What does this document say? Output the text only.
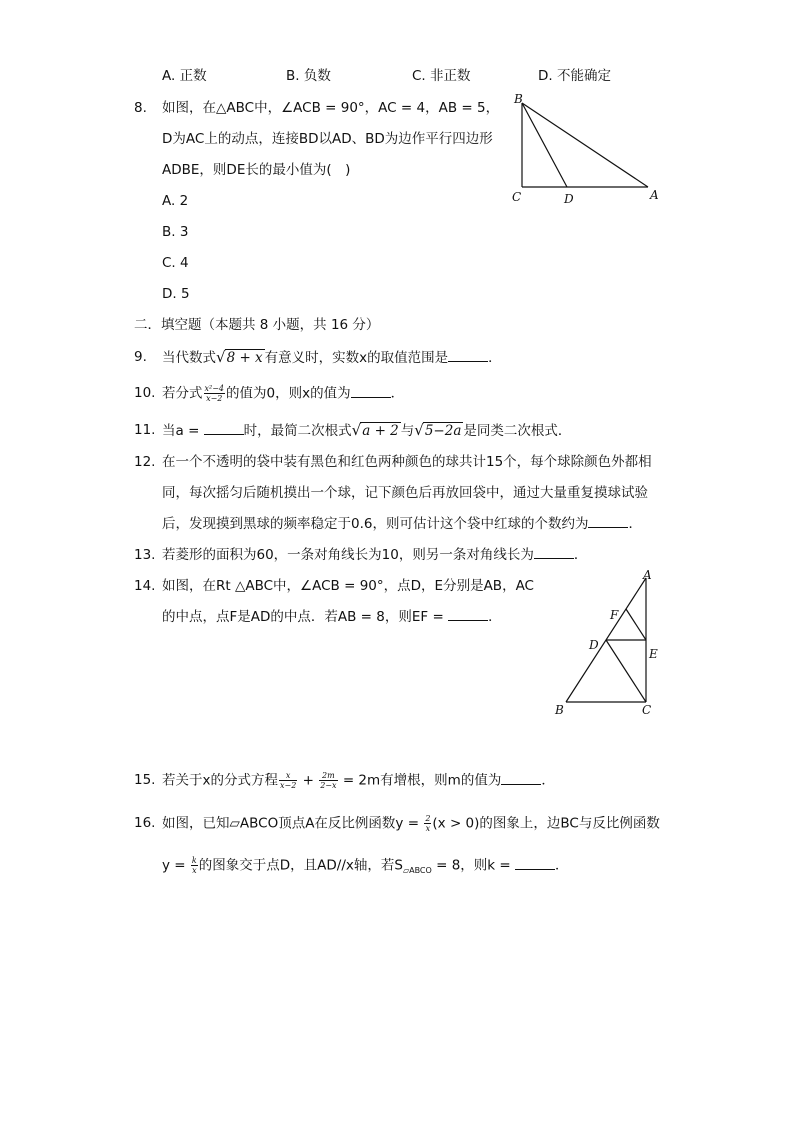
A. 正数	B. 负数	C. 非正数	D. 不能确定
8. 如图，在△ABC中，∠ACB = 90°，AC = 4，AB = 5，
D为AC上的动点，连接BD以AD、BD为边作平行四边形
ADBE，则DE长的最小值为(　)
A. 2
B. 3
C. 4
D. 5
B
C	D	A
二．填空题（本题共 8 小题，共 16 分）
9. 当代数式√8 + x 有意义时，实数x的取值范围是	．
10. 若分式 $\frac{\text{x²−4}}{x-2}$ 的值为0，则x的值为	．
11. 当a =	时，最简二次根式√a + 2 与√5−2a 是同类二次根式．
12. 在一个不透明的袋中装有黑色和红色两种颜色的球共计15个，每个球除颜色外都相
同，每次摇匀后随机摸出一个球，记下颜色后再放回袋中，通过大量重复摸球试验
后，发现摸到黑球的频率稳定于0.6，则可估计这个袋中红球的个数约为	．
13. 若菱形的面积为60，一条对角线长为10，则另一条对角线长为	．
14. 如图，在Rt △ABC中，∠ACB = 90°，点D，E分别是AB，AC
的中点，点F是AD的中点．若AB = 8，则EF =	．
A
F
D
E
B	C
15. 若关于x的分式方程 $\frac{x}{x-2} + \frac{2m}{2-x} = 2m$有增根，则m的值为	．
16. 如图，已知▱ABCO顶点A在反比例函数$y = \frac{2}{x} (x > 0)$的图象上，边BC与反比例函数
$y = \frac{k}{x}$ 的图象交于点D，且AD//x轴，若$S_{▱ABCO} = 8$，则k =	．
